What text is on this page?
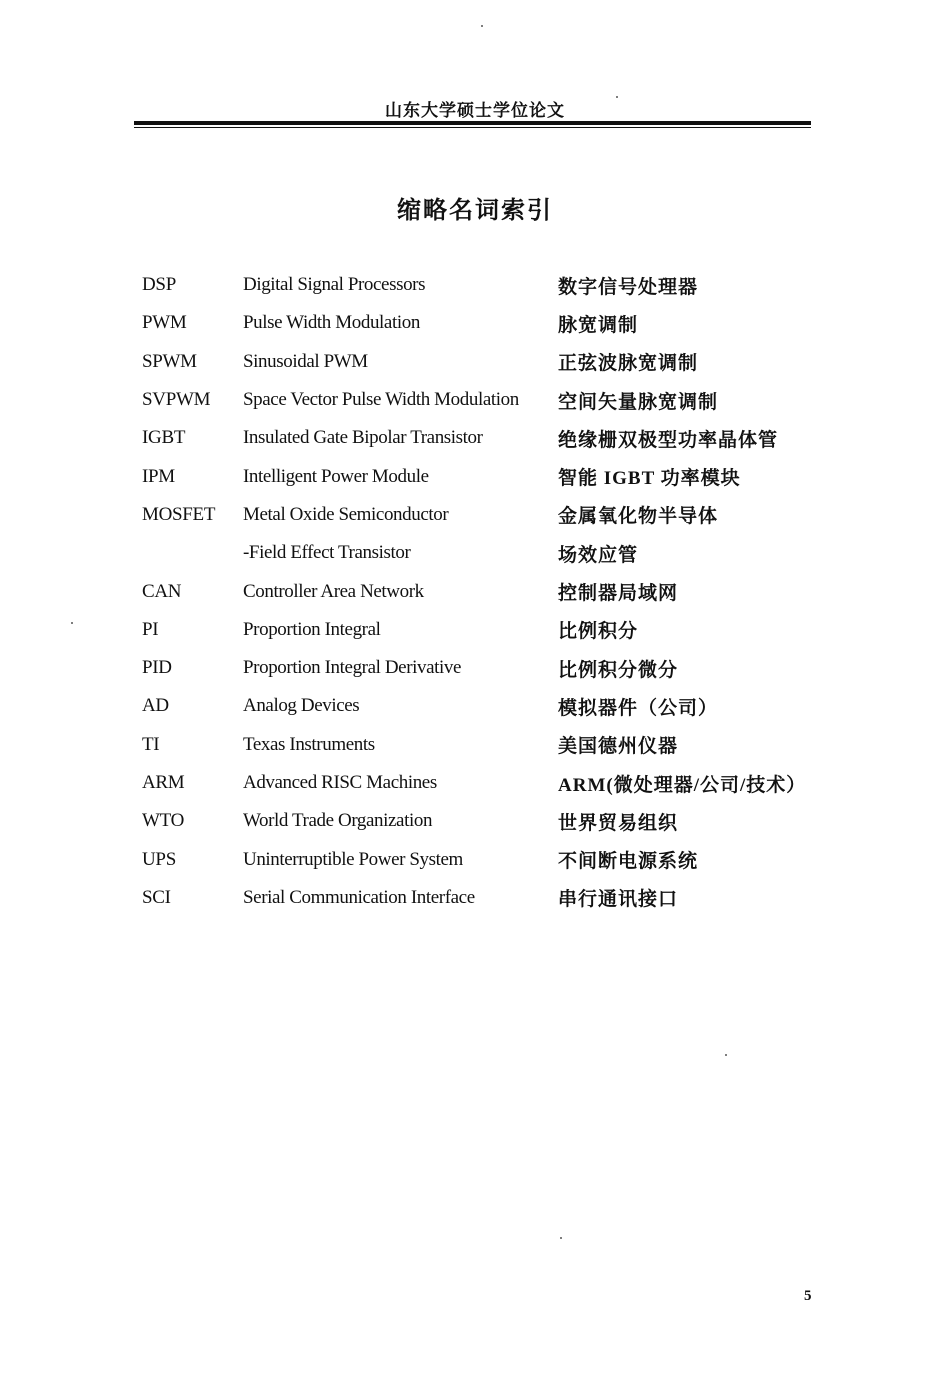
山东大学硕士学位论文
缩略名词索引
DSP	Digital Signal Processors	数字信号处理器
PWM	Pulse Width Modulation	脉宽调制
SPWM	Sinusoidal PWM	正弦波脉宽调制
SVPWM	Space Vector Pulse Width Modulation	空间矢量脉宽调制
IGBT	Insulated Gate Bipolar Transistor	绝缘栅双极型功率晶体管
IPM	Intelligent Power Module	智能 IGBT 功率模块
MOSFET	Metal Oxide Semiconductor	金属氧化物半导体
	-Field Effect Transistor	场效应管
CAN	Controller Area Network	控制器局域网
PI	Proportion Integral	比例积分
PID	Proportion Integral Derivative	比例积分微分
AD	Analog Devices	模拟器件（公司）
TI	Texas Instruments	美国德州仪器
ARM	Advanced RISC Machines	ARM(微处理器/公司/技术）
WTO	World Trade Organization	世界贸易组织
UPS	Uninterruptible Power System	不间断电源系统
SCI	Serial Communication Interface	串行通讯接口
5
